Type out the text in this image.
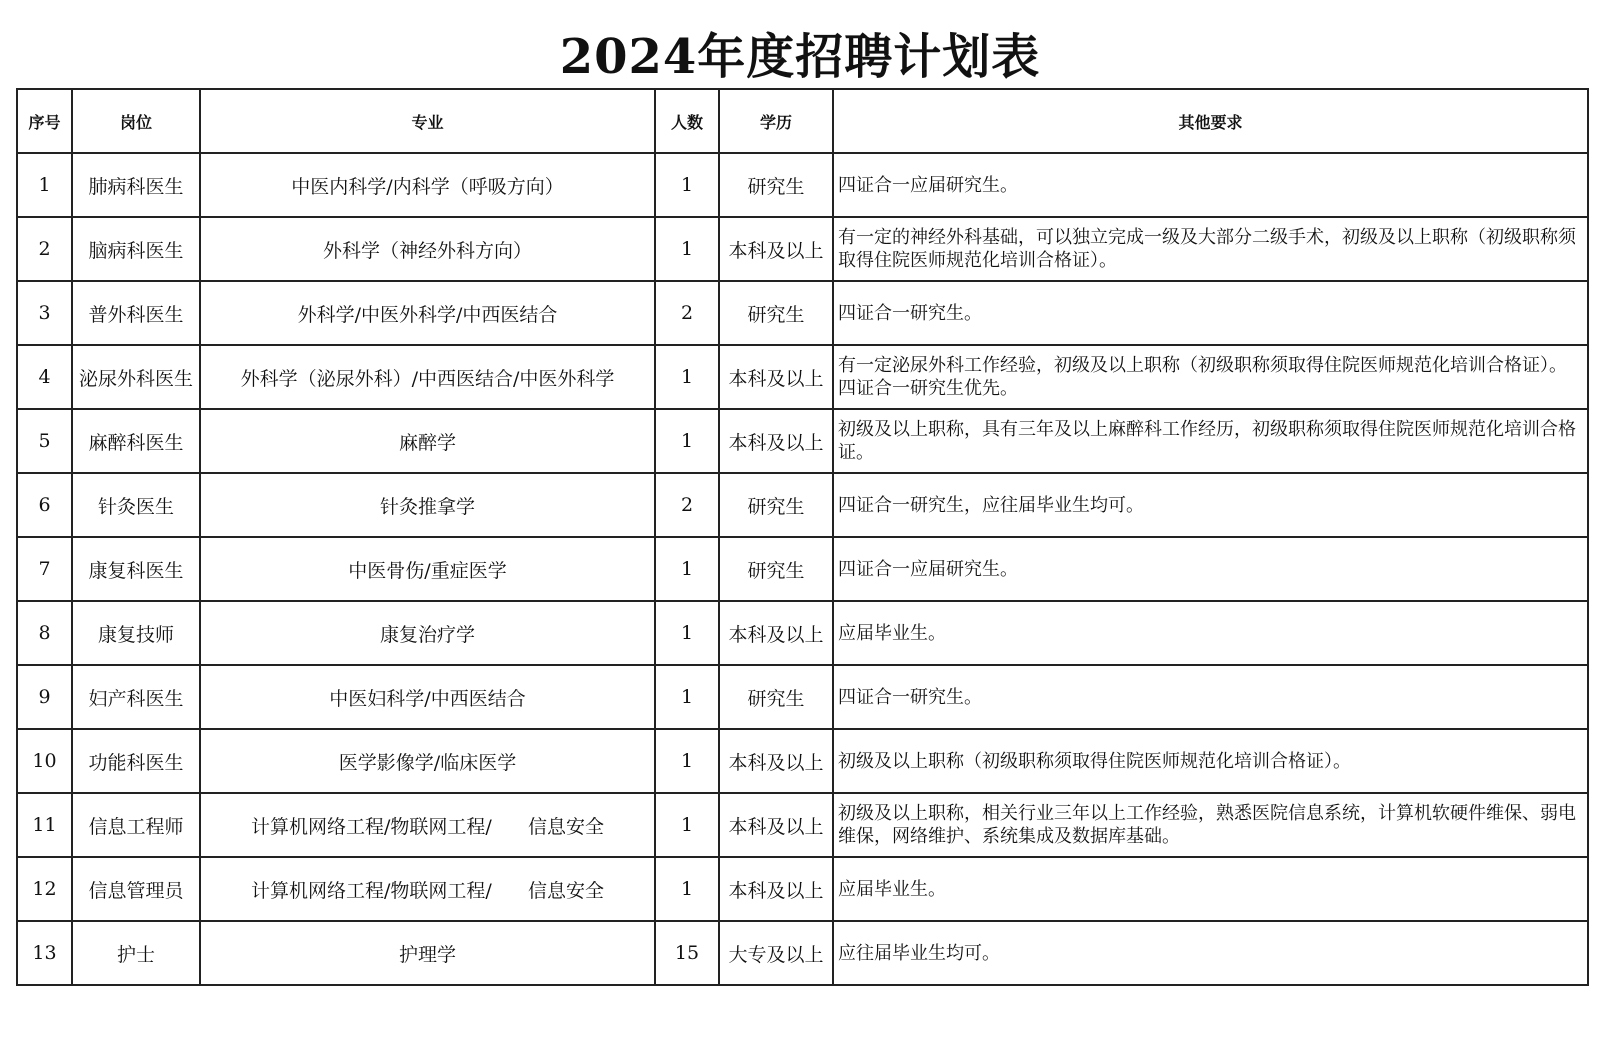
2024年度招聘计划表
序号	岗位	专业	人数	学历	其他要求
1	肺病科医生	中医内科学/内科学（呼吸方向）	1	研究生	四证合一应届研究生。
2	脑病科医生	外科学（神经外科方向）	1	本科及以上	有一定的神经外科基础，可以独立完成一级及大部分二级手术，初级及以上职称（初级职称须取得住院医师规范化培训合格证）。
3	普外科医生	外科学/中医外科学/中西医结合	2	研究生	四证合一研究生。
4	泌尿外科医生	外科学（泌尿外科）/中西医结合/中医外科学	1	本科及以上	有一定泌尿外科工作经验，初级及以上职称（初级职称须取得住院医师规范化培训合格证）。四证合一研究生优先。
5	麻醉科医生	麻醉学	1	本科及以上	初级及以上职称，具有三年及以上麻醉科工作经历，初级职称须取得住院医师规范化培训合格证。
6	针灸医生	针灸推拿学	2	研究生	四证合一研究生，应往届毕业生均可。
7	康复科医生	中医骨伤/重症医学	1	研究生	四证合一应届研究生。
8	康复技师	康复治疗学	1	本科及以上	应届毕业生。
9	妇产科医生	中医妇科学/中西医结合	1	研究生	四证合一研究生。
10	功能科医生	医学影像学/临床医学	1	本科及以上	初级及以上职称（初级职称须取得住院医师规范化培训合格证）。
11	信息工程师	计算机网络工程/物联网工程/      信息安全	1	本科及以上	初级及以上职称，相关行业三年以上工作经验，熟悉医院信息系统，计算机软硬件维保、弱电维保，网络维护、系统集成及数据库基础。
12	信息管理员	计算机网络工程/物联网工程/      信息安全	1	本科及以上	应届毕业生。
13	护士	护理学	15	大专及以上	应往届毕业生均可。
